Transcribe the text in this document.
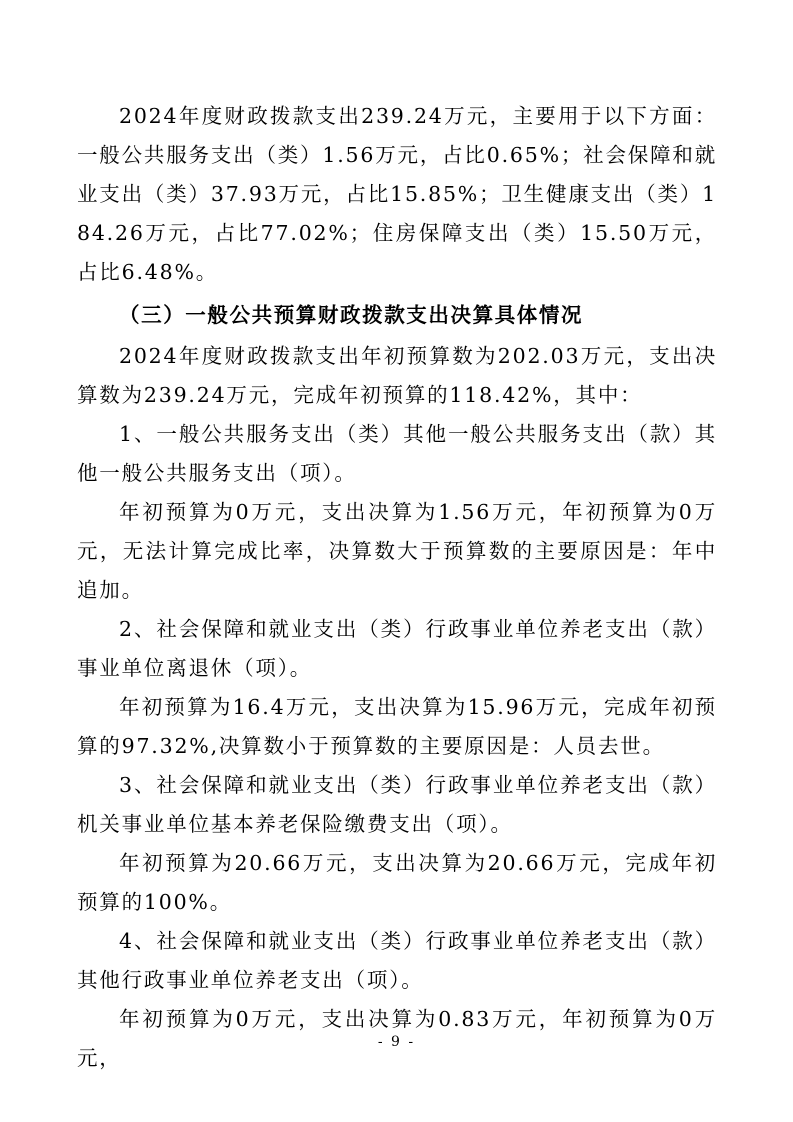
2024年度财政拨款支出239.24万元，主要用于以下方面：一般公共服务支出（类）1.56万元，占比0.65%；社会保障和就业支出（类）37.93万元，占比15.85%；卫生健康支出（类）184.26万元，占比77.02%；住房保障支出（类）15.50万元，占比6.48%。

（三）一般公共预算财政拨款支出决算具体情况

2024年度财政拨款支出年初预算数为202.03万元，支出决算数为239.24万元，完成年初预算的118.42%，其中：

1、一般公共服务支出（类）其他一般公共服务支出（款）其他一般公共服务支出（项）。

年初预算为0万元，支出决算为1.56万元，年初预算为0万元，无法计算完成比率，决算数大于预算数的主要原因是：年中追加。

2、社会保障和就业支出（类）行政事业单位养老支出（款）事业单位离退休（项）。

年初预算为16.4万元，支出决算为15.96万元，完成年初预算的97.32%,决算数小于预算数的主要原因是：人员去世。

3、社会保障和就业支出（类）行政事业单位养老支出（款）机关事业单位基本养老保险缴费支出（项）。

年初预算为20.66万元，支出决算为20.66万元，完成年初预算的100%。

4、社会保障和就业支出（类）行政事业单位养老支出（款）其他行政事业单位养老支出（项）。

年初预算为0万元，支出决算为0.83万元，年初预算为0万元，

- 9 -
